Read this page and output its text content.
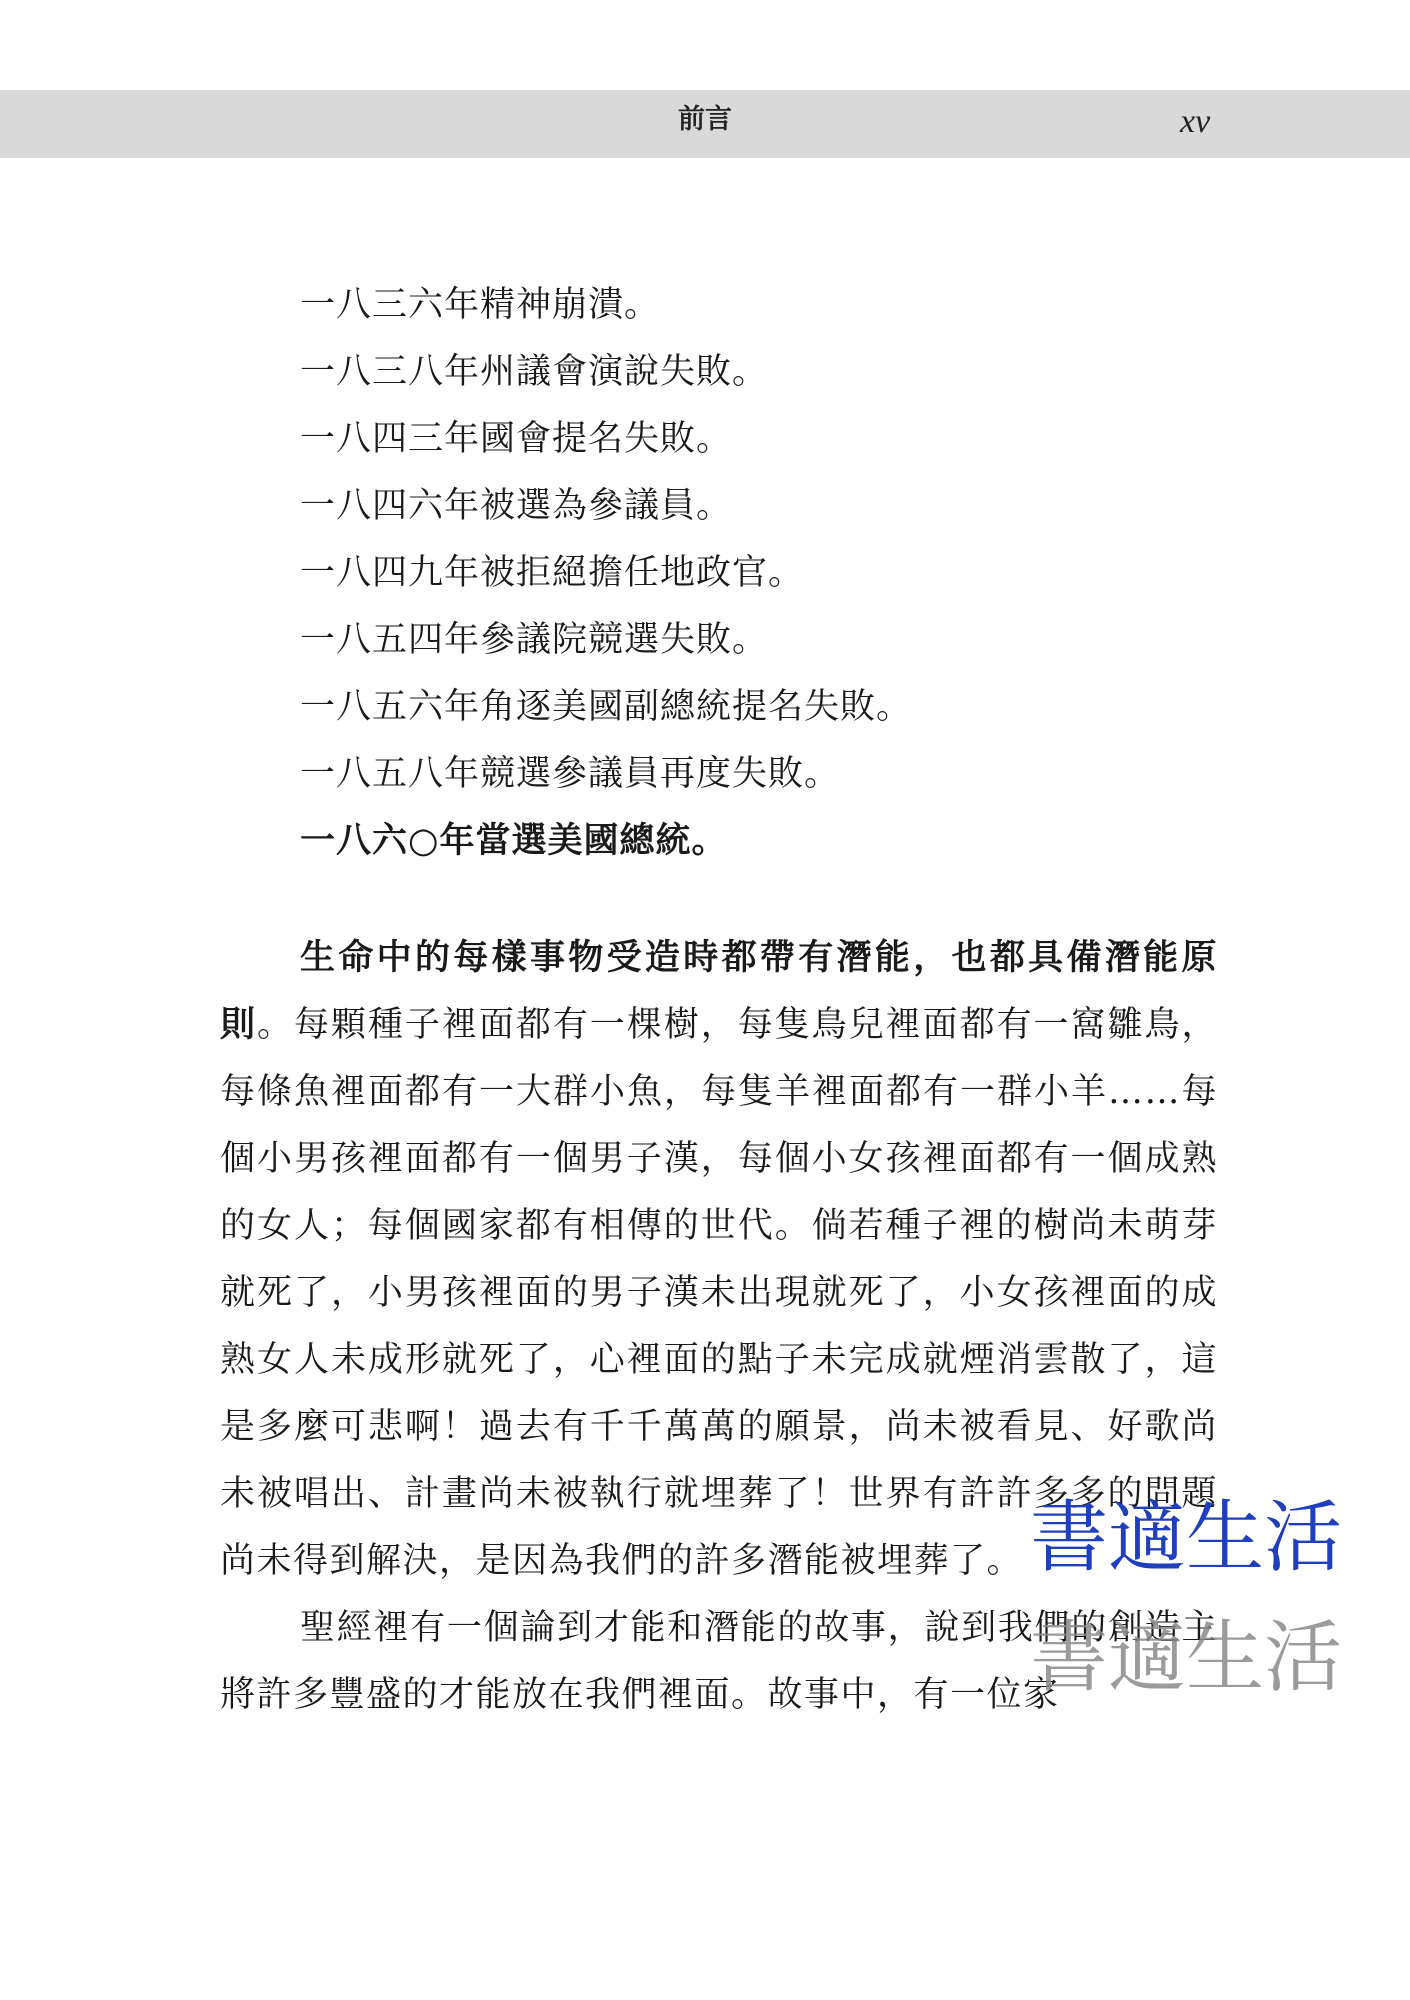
前言	xv
一八三六年精神崩潰。
一八三八年州議會演說失敗。
一八四三年國會提名失敗。
一八四六年被選為參議員。
一八四九年被拒絕擔任地政官。
一八五四年參議院競選失敗。
一八五六年角逐美國副總統提名失敗。
一八五八年競選參議員再度失敗。
一八六○年當選美國總統。

生命中的每樣事物受造時都帶有潛能，也都具備潛能原則。每顆種子裡面都有一棵樹，每隻鳥兒裡面都有一窩雛鳥，每條魚裡面都有一大群小魚，每隻羊裡面都有一群小羊……每個小男孩裡面都有一個男子漢，每個小女孩裡面都有一個成熟的女人；每個國家都有相傳的世代。倘若種子裡的樹尚未萌芽就死了，小男孩裡面的男子漢未出現就死了，小女孩裡面的成熟女人未成形就死了，心裡面的點子未完成就煙消雲散了，這是多麼可悲啊！過去有千千萬萬的願景，尚未被看見、好歌尚未被唱出、計畫尚未被執行就埋葬了！世界有許許多多的問題尚未得到解決，是因為我們的許多潛能被埋葬了。

聖經裡有一個論到才能和潛能的故事，說到我們的創造主將許多豐盛的才能放在我們裡面。故事中，有一位家

書適生活
書適生活
